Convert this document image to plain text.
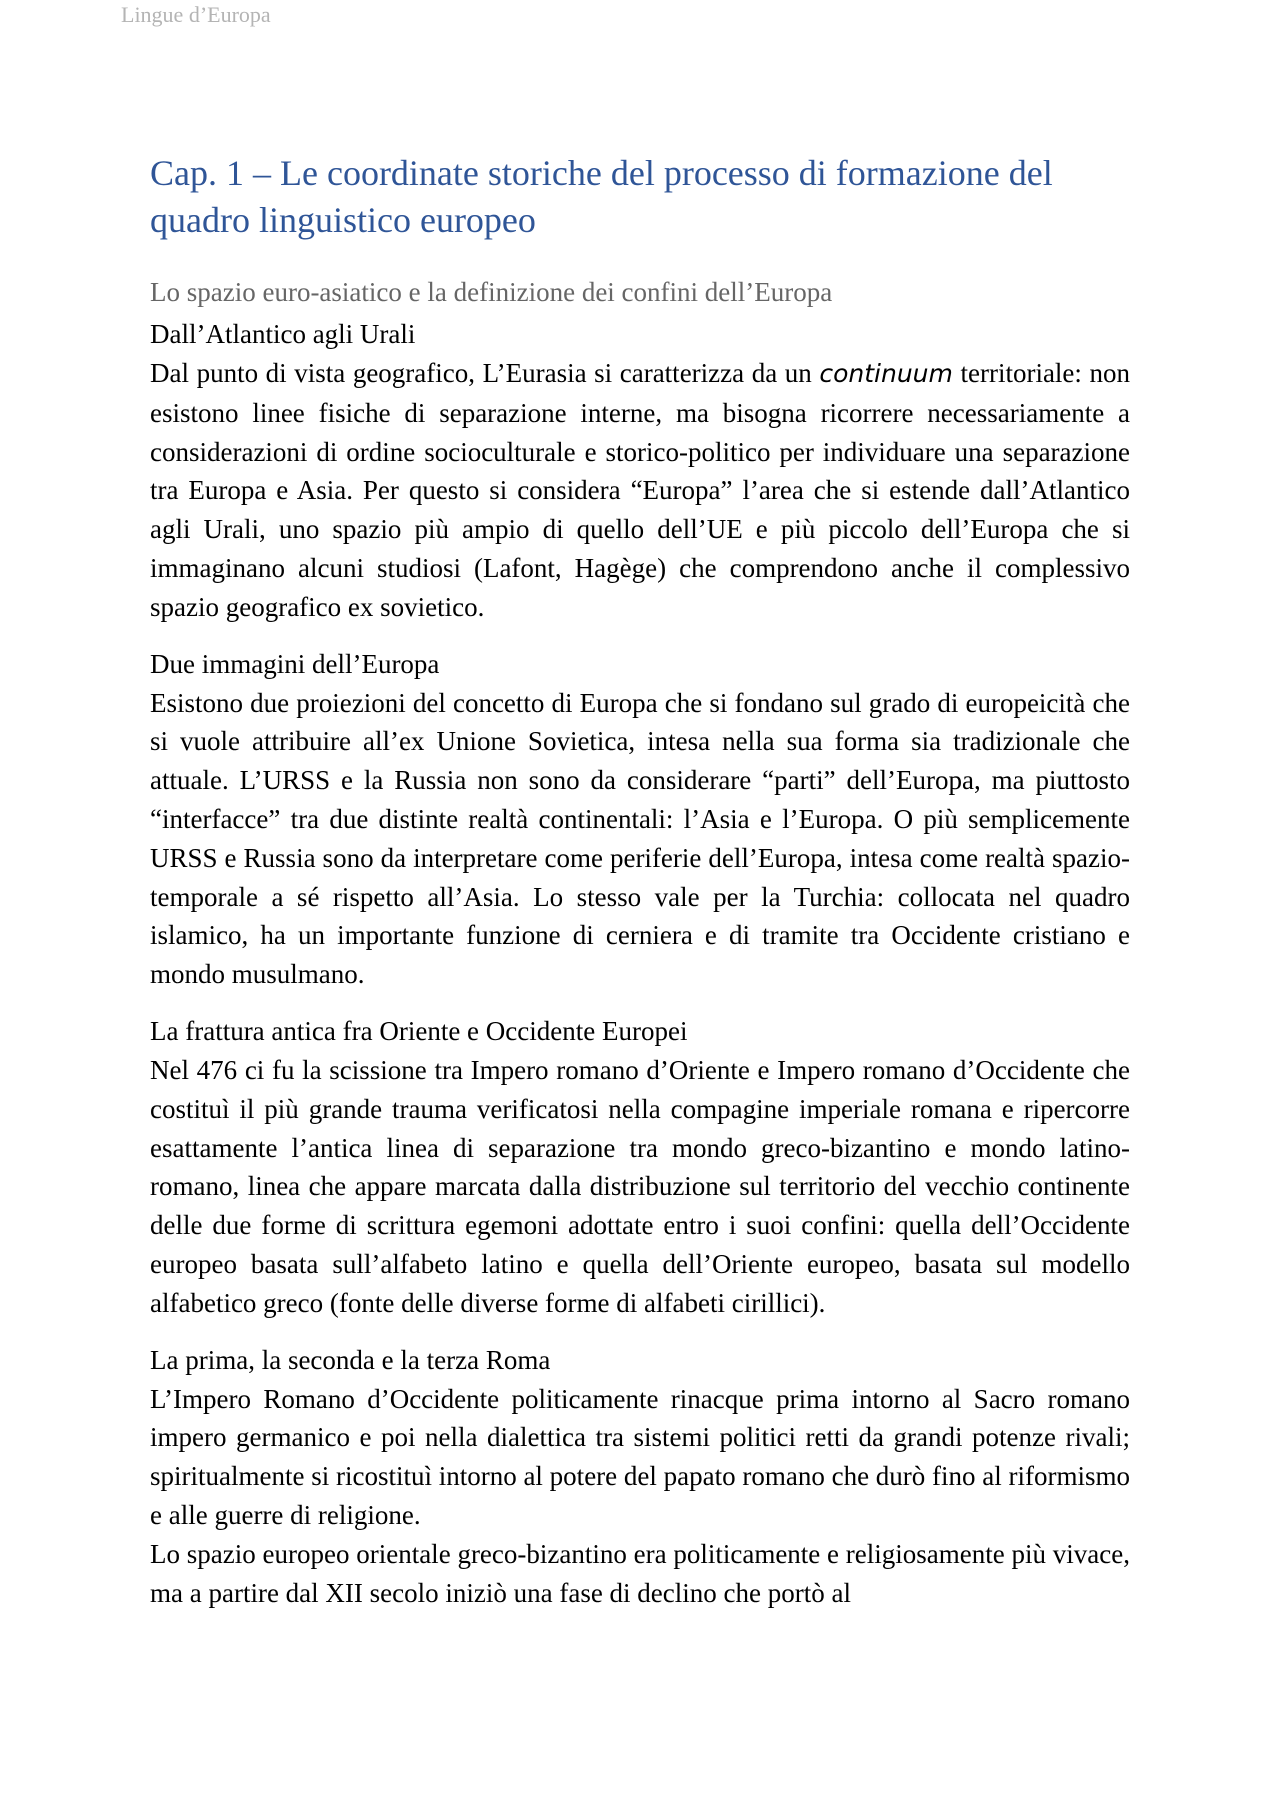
Lingue d’Europa
Cap. 1 – Le coordinate storiche del processo di formazione del quadro linguistico europeo
Lo spazio euro-asiatico e la definizione dei confini dell’Europa
Dall’Atlantico agli Urali

Dal punto di vista geografico, L’Eurasia si caratterizza da un continuum territoriale: non esistono linee fisiche di separazione interne, ma bisogna ricorrere necessariamente a considerazioni di ordine socioculturale e storico-politico per individuare una separazione tra Europa e Asia. Per questo si considera “Europa” l’area che si estende dall’Atlantico agli Urali, uno spazio più ampio di quello dell’UE e più piccolo dell’Europa che si immaginano alcuni studiosi (Lafont, Hagège) che comprendono anche il complessivo spazio geografico ex sovietico.

Due immagini dell’Europa

Esistono due proiezioni del concetto di Europa che si fondano sul grado di europeicità che si vuole attribuire all’ex Unione Sovietica, intesa nella sua forma sia tradizionale che attuale. L’URSS e la Russia non sono da considerare “parti” dell’Europa, ma piuttosto “interfacce” tra due distinte realtà continentali: l’Asia e l’Europa. O più semplicemente URSS e Russia sono da interpretare come periferie dell’Europa, intesa come realtà spazio-temporale a sé rispetto all’Asia. Lo stesso vale per la Turchia: collocata nel quadro islamico, ha un importante funzione di cerniera e di tramite tra Occidente cristiano e mondo musulmano.

La frattura antica fra Oriente e Occidente Europei

Nel 476 ci fu la scissione tra Impero romano d’Oriente e Impero romano d’Occidente che costituì il più grande trauma verificatosi nella compagine imperiale romana e ripercorre esattamente l’antica linea di separazione tra mondo greco-bizantino e mondo latino-romano, linea che appare marcata dalla distribuzione sul territorio del vecchio continente delle due forme di scrittura egemoni adottate entro i suoi confini: quella dell’Occidente europeo basata sull’alfabeto latino e quella dell’Oriente europeo, basata sul modello alfabetico greco (fonte delle diverse forme di alfabeti cirillici).

La prima, la seconda e la terza Roma

L’Impero Romano d’Occidente politicamente rinacque prima intorno al Sacro romano impero germanico e poi nella dialettica tra sistemi politici retti da grandi potenze rivali; spiritualmente si ricostituì intorno al potere del papato romano che durò fino al riformismo e alle guerre di religione.

Lo spazio europeo orientale greco-bizantino era politicamente e religiosamente più vivace, ma a partire dal XII secolo iniziò una fase di declino che portò al
